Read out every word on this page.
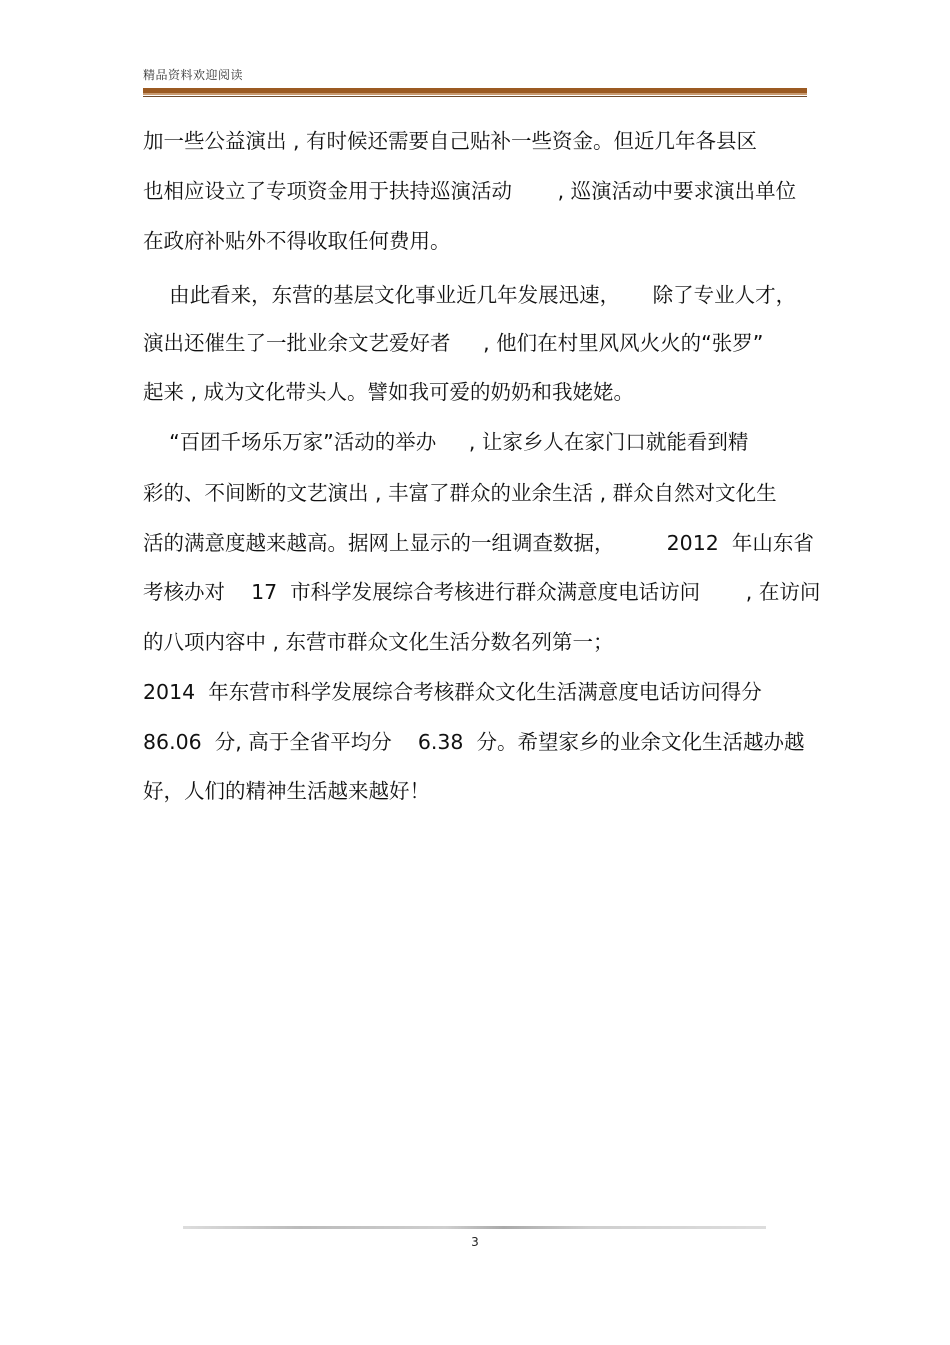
精品资料欢迎阅读
加一些公益演出 , 有时候还需要自己贴补一些资金。但近几年各县区
也相应设立了专项资金用于扶持巡演活动       , 巡演活动中要求演出单位
在政府补贴外不得收取任何费用。
由此看来，东营的基层文化事业近几年发展迅速，     除了专业人才，
演出还催生了一批业余文艺爱好者     , 他们在村里风风火火的“张罗”
起来 , 成为文化带头人。譬如我可爱的奶奶和我姥姥。
“百团千场乐万家”活动的举办     , 让家乡人在家门口就能看到精
彩的、不间断的文艺演出 , 丰富了群众的业余生活 , 群众自然对文化生
活的满意度越来越高。据网上显示的一组调查数据，        2012  年山东省
考核办对    17  市科学发展综合考核进行群众满意度电话访问       , 在访问
的八项内容中 , 东营市群众文化生活分数名列第一；
2014  年东营市科学发展综合考核群众文化生活满意度电话访问得分
86.06  分, 高于全省平均分    6.38  分。希望家乡的业余文化生活越办越
好，人们的精神生活越来越好！
3
